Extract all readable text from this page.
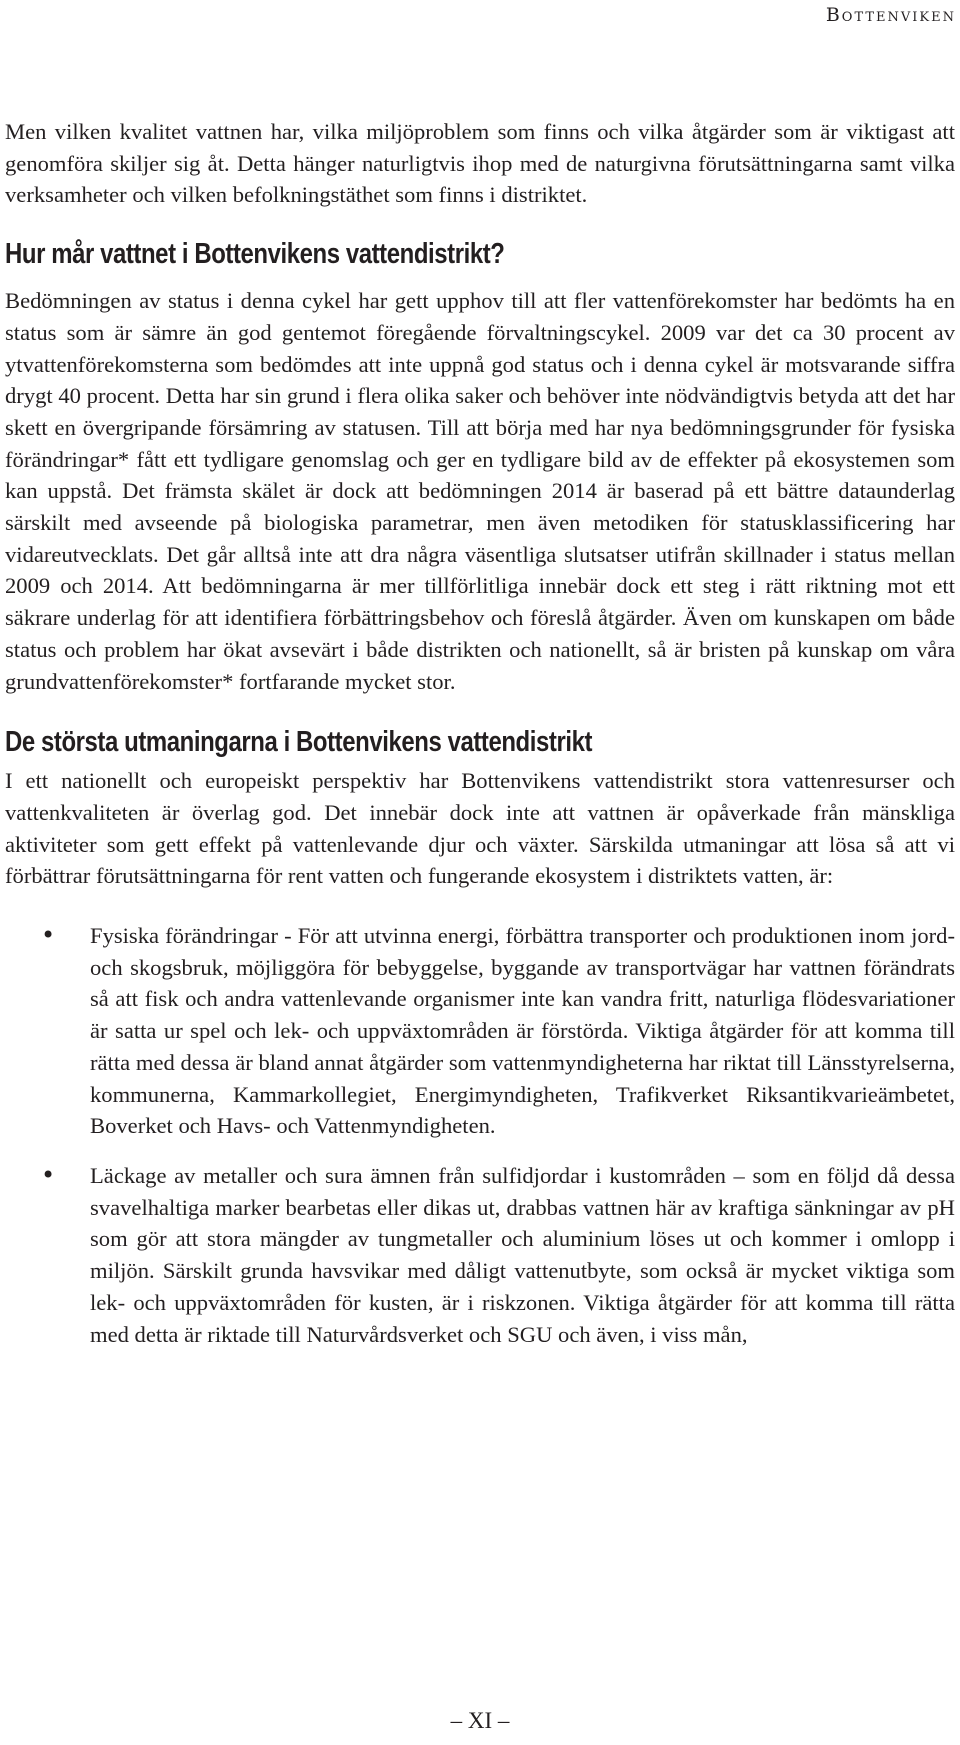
Bottenviken

Men vilken kvalitet vattnen har, vilka miljöproblem som finns och vilka åtgärder som är viktigast att genomföra skiljer sig åt. Detta hänger naturligtvis ihop med de naturgivna förutsättningarna samt vilka verksamheter och vilken befolkningstäthet som finns i distriktet.

Hur mår vattnet i Bottenvikens vattendistrikt?

Bedömningen av status i denna cykel har gett upphov till att fler vattenförekomster har bedömts ha en status som är sämre än god gentemot föregående förvaltningscykel. 2009 var det ca 30 procent av ytvattenförekomsterna som bedömdes att inte uppnå god status och i denna cykel är motsvarande siffra drygt 40 procent. Detta har sin grund i flera olika saker och behöver inte nödvändigtvis betyda att det har skett en övergripande försämring av statusen. Till att börja med har nya bedömningsgrunder för fysiska förändringar* fått ett tydligare genomslag och ger en tydligare bild av de effekter på ekosystemen som kan uppstå. Det främsta skälet är dock att bedömningen 2014 är baserad på ett bättre dataunderlag särskilt med avseende på biologiska parametrar, men även metodiken för statusklassificering har vidareutvecklats. Det går alltså inte att dra några väsentliga slutsatser utifrån skillnader i status mellan 2009 och 2014. Att bedömningarna är mer tillförlitliga innebär dock ett steg i rätt riktning mot ett säkrare underlag för att identifiera förbättringsbehov och föreslå åtgärder. Även om kunskapen om både status och problem har ökat avsevärt i både distrikten och nationellt, så är bristen på kunskap om våra grundvattenförekomster* fortfarande mycket stor.

De största utmaningarna i Bottenvikens vattendistrikt

I ett nationellt och europeiskt perspektiv har Bottenvikens vattendistrikt stora vattenresurser och vattenkvaliteten är överlag god. Det innebär dock inte att vattnen är opåverkade från mänskliga aktiviteter som gett effekt på vattenlevande djur och växter. Särskilda utmaningar att lösa så att vi förbättrar förutsättningarna för rent vatten och fungerande ekosystem i distriktets vatten, är:

• Fysiska förändringar - För att utvinna energi, förbättra transporter och produktionen inom jord- och skogsbruk, möjliggöra för bebyggelse, byggande av transportvägar har vattnen förändrats så att fisk och andra vattenlevande organismer inte kan vandra fritt, naturliga flödesvariationer är satta ur spel och lek- och uppväxtområden är förstörda. Viktiga åtgärder för att komma till rätta med dessa är bland annat åtgärder som vattenmyndigheterna har riktat till Länsstyrelserna, kommunerna, Kammarkollegiet, Energimyndigheten, Trafikverket Riksantikvarieämbetet, Boverket och Havs- och Vattenmyndigheten.

• Läckage av metaller och sura ämnen från sulfidjordar i kustområden – som en följd då dessa svavelhaltiga marker bearbetas eller dikas ut, drabbas vattnen här av kraftiga sänkningar av pH som gör att stora mängder av tungmetaller och aluminium löses ut och kommer i omlopp i miljön. Särskilt grunda havsvikar med dåligt vattenutbyte, som också är mycket viktiga som lek- och uppväxtområden för kusten, är i riskzonen. Viktiga åtgärder för att komma till rätta med detta är riktade till Naturvårdsverket och SGU och även, i viss mån,

– XI –
